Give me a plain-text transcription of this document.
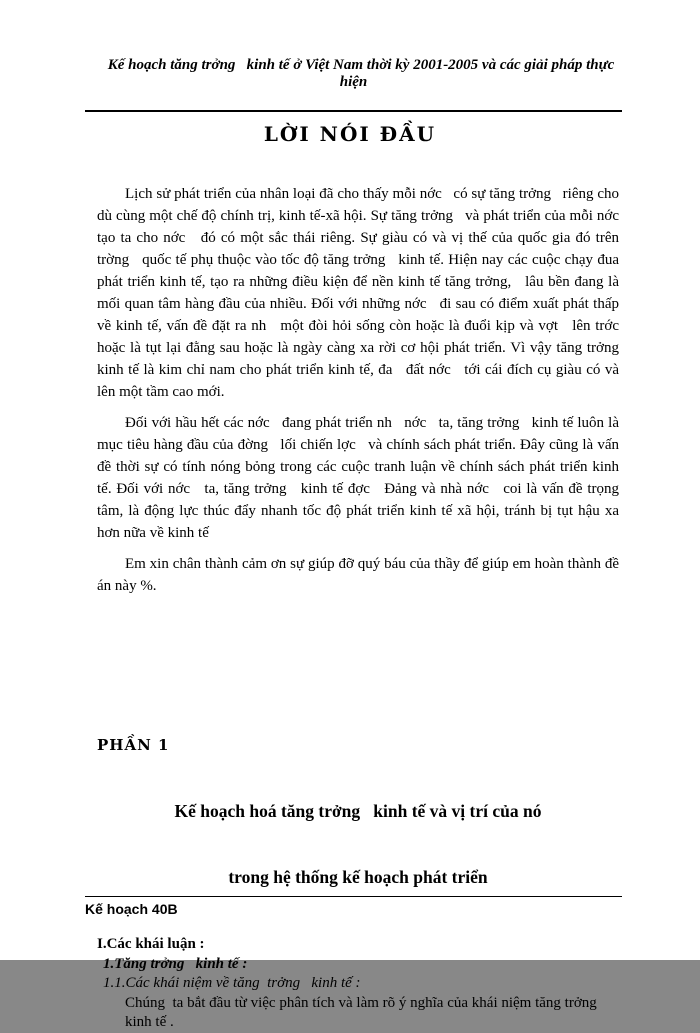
Kế hoạch tăng trởng   kinh tế ở Việt Nam thời kỳ 2001-2005 và các giải pháp thực hiện

LỜI NÓI ĐẦU

Lịch sử phát triển của nhân loại đã cho thấy mỗi nớc   có sự tăng trởng   riêng cho dù cùng một chế độ chính trị, kinh tế-xã hội. Sự tăng trởng   và phát triển của mỗi nớc   tạo ta cho nớc   đó có một sắc thái riêng. Sự giàu có và vị thế của quốc gia đó trên trờng   quốc tế phụ thuộc vào tốc độ tăng trởng   kinh tế. Hiện nay các cuộc chạy đua phát triển kinh tế, tạo ra những điều kiện để nền kinh tế tăng trởng,   lâu bền đang là mối quan tâm hàng đầu của nhiều. Đối với những nớc   đi sau có điểm xuất phát thấp về kinh tế, vấn đề đặt ra nh   một đòi hỏi sống còn hoặc là đuổi kịp và vợt   lên trớc   hoặc là tụt lại đằng sau hoặc là ngày càng xa rời cơ hội phát triển. Vì vậy tăng trởng   kinh tế là kim chỉ nam cho phát triển kinh tế, đa   đất nớc   tới cái đích cụ giàu có và lên một tầm cao mới.

Đối với hầu hết các nớc   đang phát triển nh   nớc   ta, tăng trởng   kinh tế luôn là mục tiêu hàng đầu của đờng   lối chiến lợc   và chính sách phát triển. Đây cũng là vấn đề thời sự có tính nóng bỏng trong các cuộc tranh luận về chính sách phát triển kinh tế. Đối với nớc   ta, tăng trởng   kinh tế đợc   Đảng và nhà nớc   coi là vấn đề trọng tâm, là động lực thúc đẩy nhanh tốc độ phát triển kinh tế xã hội, tránh bị tụt hậu xa hơn nữa về kinh tế

Em xin chân thành cảm ơn sự giúp đỡ quý báu của thầy để giúp em hoàn thành đề án này %.

PHẦN 1

Kế hoạch hoá tăng trởng   kinh tế và vị trí của nó

trong hệ thống kế hoạch phát triển

I.Các khái luận :
1.Tăng trởng   kinh tế :
1.1.Các khái niệm về tăng  trởng   kinh tế :
Chúng  ta bắt đầu từ việc phân tích và làm rõ ý nghĩa của khái niệm tăng trởng   kinh tế .
Kế hoạch 40B
